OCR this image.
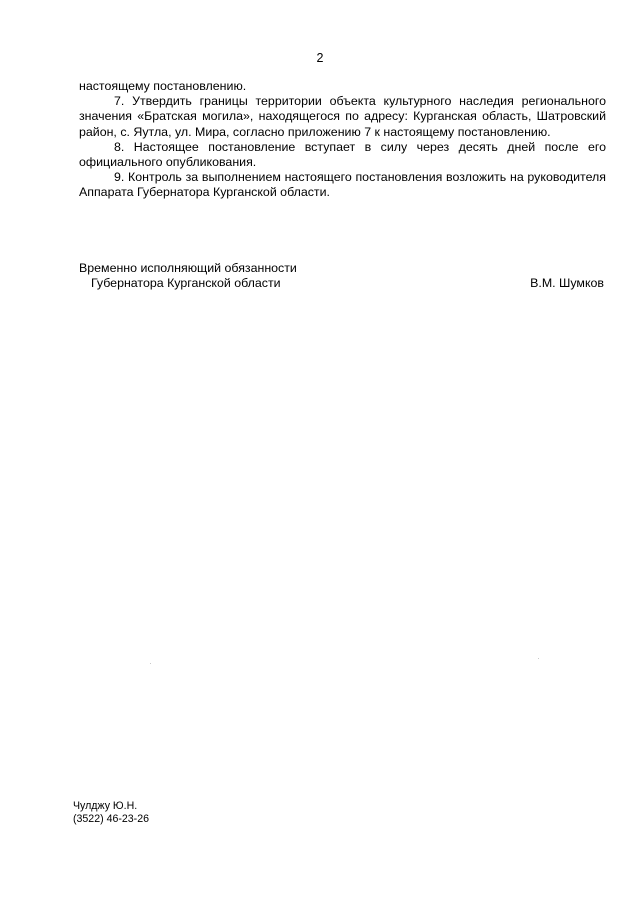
2

настоящему постановлению.

7. Утвердить границы территории объекта культурного наследия регионального значения «Братская могила», находящегося по адресу: Курганская область, Шатровский район, с. Яутла, ул. Мира, согласно приложению 7 к настоящему постановлению.

8. Настоящее постановление вступает в силу через десять дней после его официального опубликования.

9. Контроль за выполнением настоящего постановления возложить на руководителя Аппарата Губернатора Курганской области.

Временно исполняющий обязанности
Губернатора Курганской области	В.М. Шумков
Чулджу Ю.Н.
(3522) 46-23-26
